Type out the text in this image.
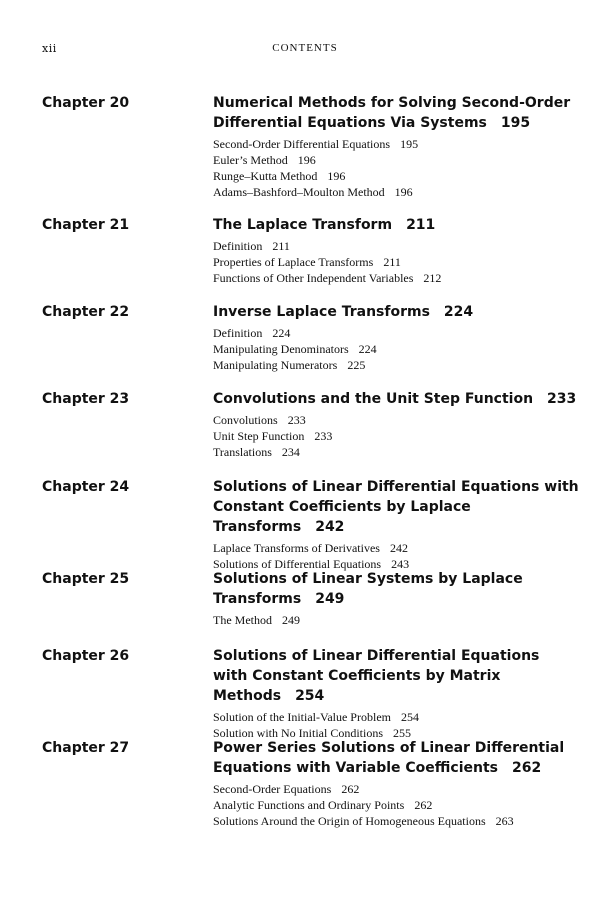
xii	CONTENTS
Chapter 20	Numerical Methods for Solving Second-Order
Differential Equations Via Systems 195
Second-Order Differential Equations 195
Euler’s Method 196
Runge–Kutta Method 196
Adams–Bashford–Moulton Method 196
Chapter 21	The Laplace Transform 211
Definition 211
Properties of Laplace Transforms 211
Functions of Other Independent Variables 212
Chapter 22	Inverse Laplace Transforms 224
Definition 224
Manipulating Denominators 224
Manipulating Numerators 225
Chapter 23	Convolutions and the Unit Step Function 233
Convolutions 233
Unit Step Function 233
Translations 234
Chapter 24	Solutions of Linear Differential Equations with
Constant Coefficients by Laplace Transforms 242
Laplace Transforms of Derivatives 242
Solutions of Differential Equations 243
Chapter 25	Solutions of Linear Systems by Laplace
Transforms 249
The Method 249
Chapter 26	Solutions of Linear Differential Equations
with Constant Coefficients by Matrix Methods 254
Solution of the Initial-Value Problem 254
Solution with No Initial Conditions 255
Chapter 27	Power Series Solutions of Linear Differential
Equations with Variable Coefficients 262
Second-Order Equations 262
Analytic Functions and Ordinary Points 262
Solutions Around the Origin of Homogeneous Equations 263
